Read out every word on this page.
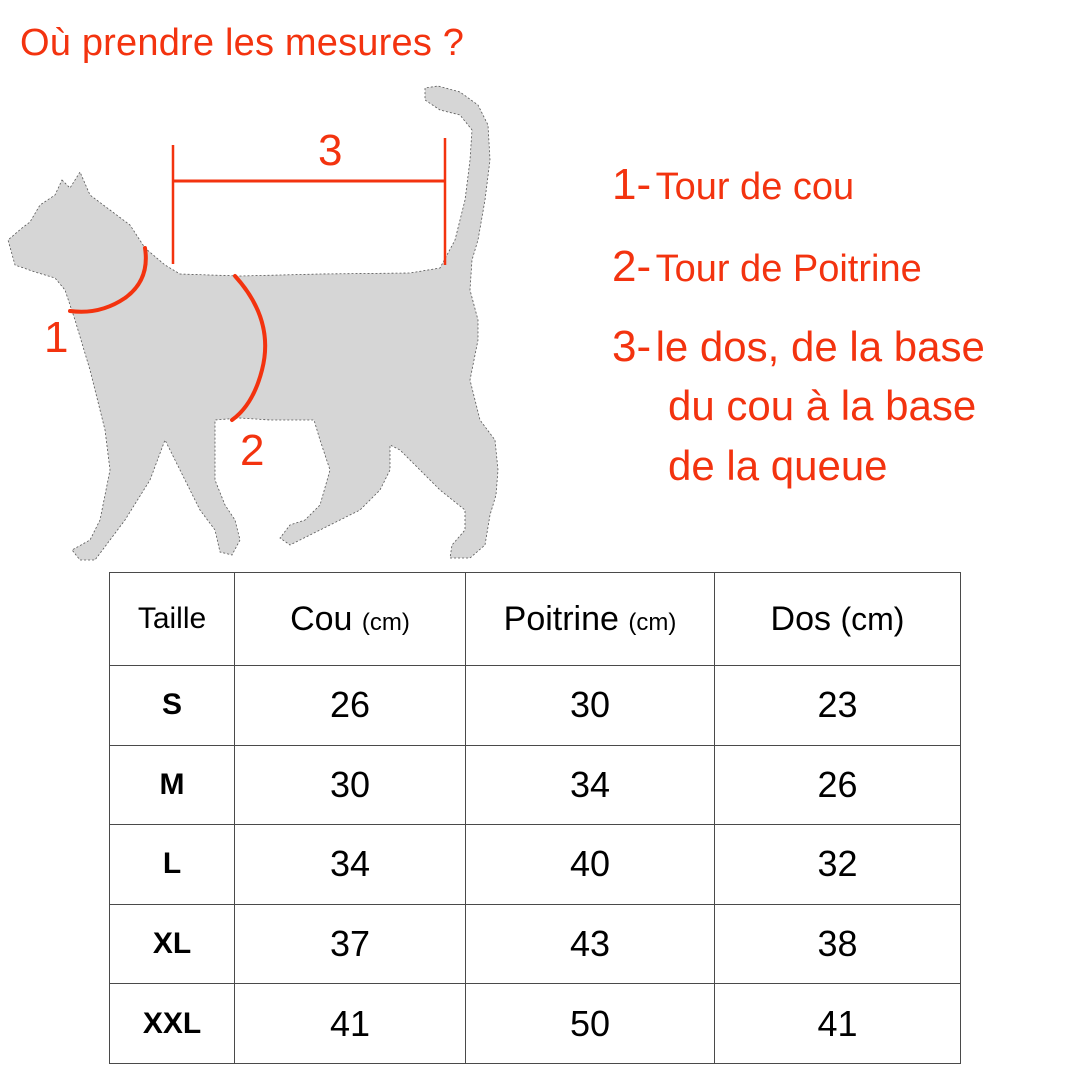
Où prendre les mesures ?
3
1
2
1- Tour de cou
2- Tour de Poitrine
3- le dos, de la base
du cou à la base
de la queue
Taille	Cou (cm)	Poitrine (cm)	Dos (cm)
S	26	30	23
M	30	34	26
L	34	40	32
XL	37	43	38
XXL	41	50	41
